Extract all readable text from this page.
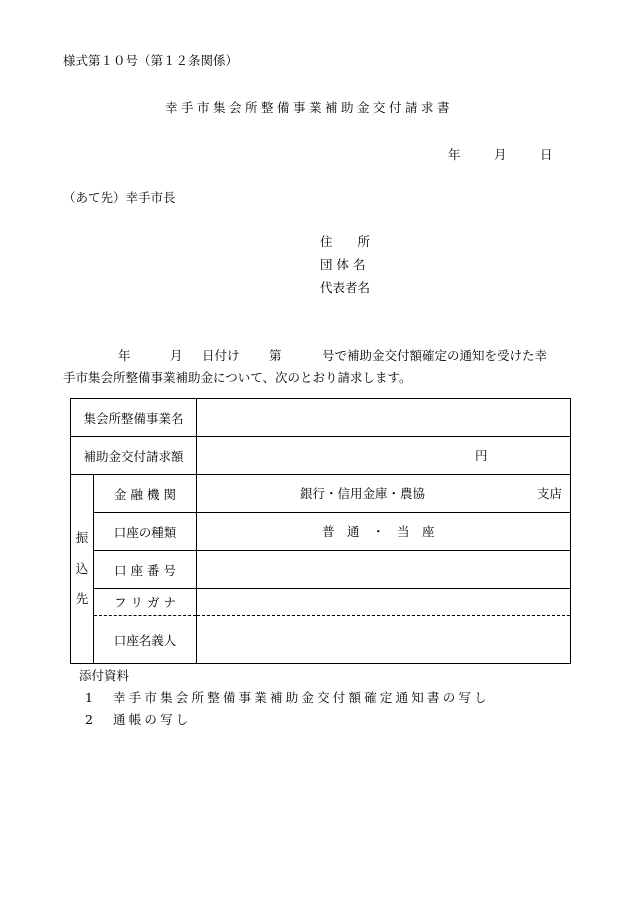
様式第１０号（第１２条関係）
幸手市集会所整備事業補助金交付請求書
年	月	日
（あて先）幸手市長
住　　所
団 体 名
代表者名
年	月 日付け 第	号で補助金交付額確定の通知を受けた幸
手市集会所整備事業補助金について、次のとおり請求します。
集会所整備事業名		
補助金交付請求額		円

振
込
先	金 融 機 関	銀行・信用金庫・農協 支店

	口座の種類	普　通　・　当　座

	口 座 番 号	
	フ リ ガ ナ	
	口座名義人	
添付資料
1 幸手市集会所整備事業補助金交付額確定通知書の写し
2 通帳の写し
